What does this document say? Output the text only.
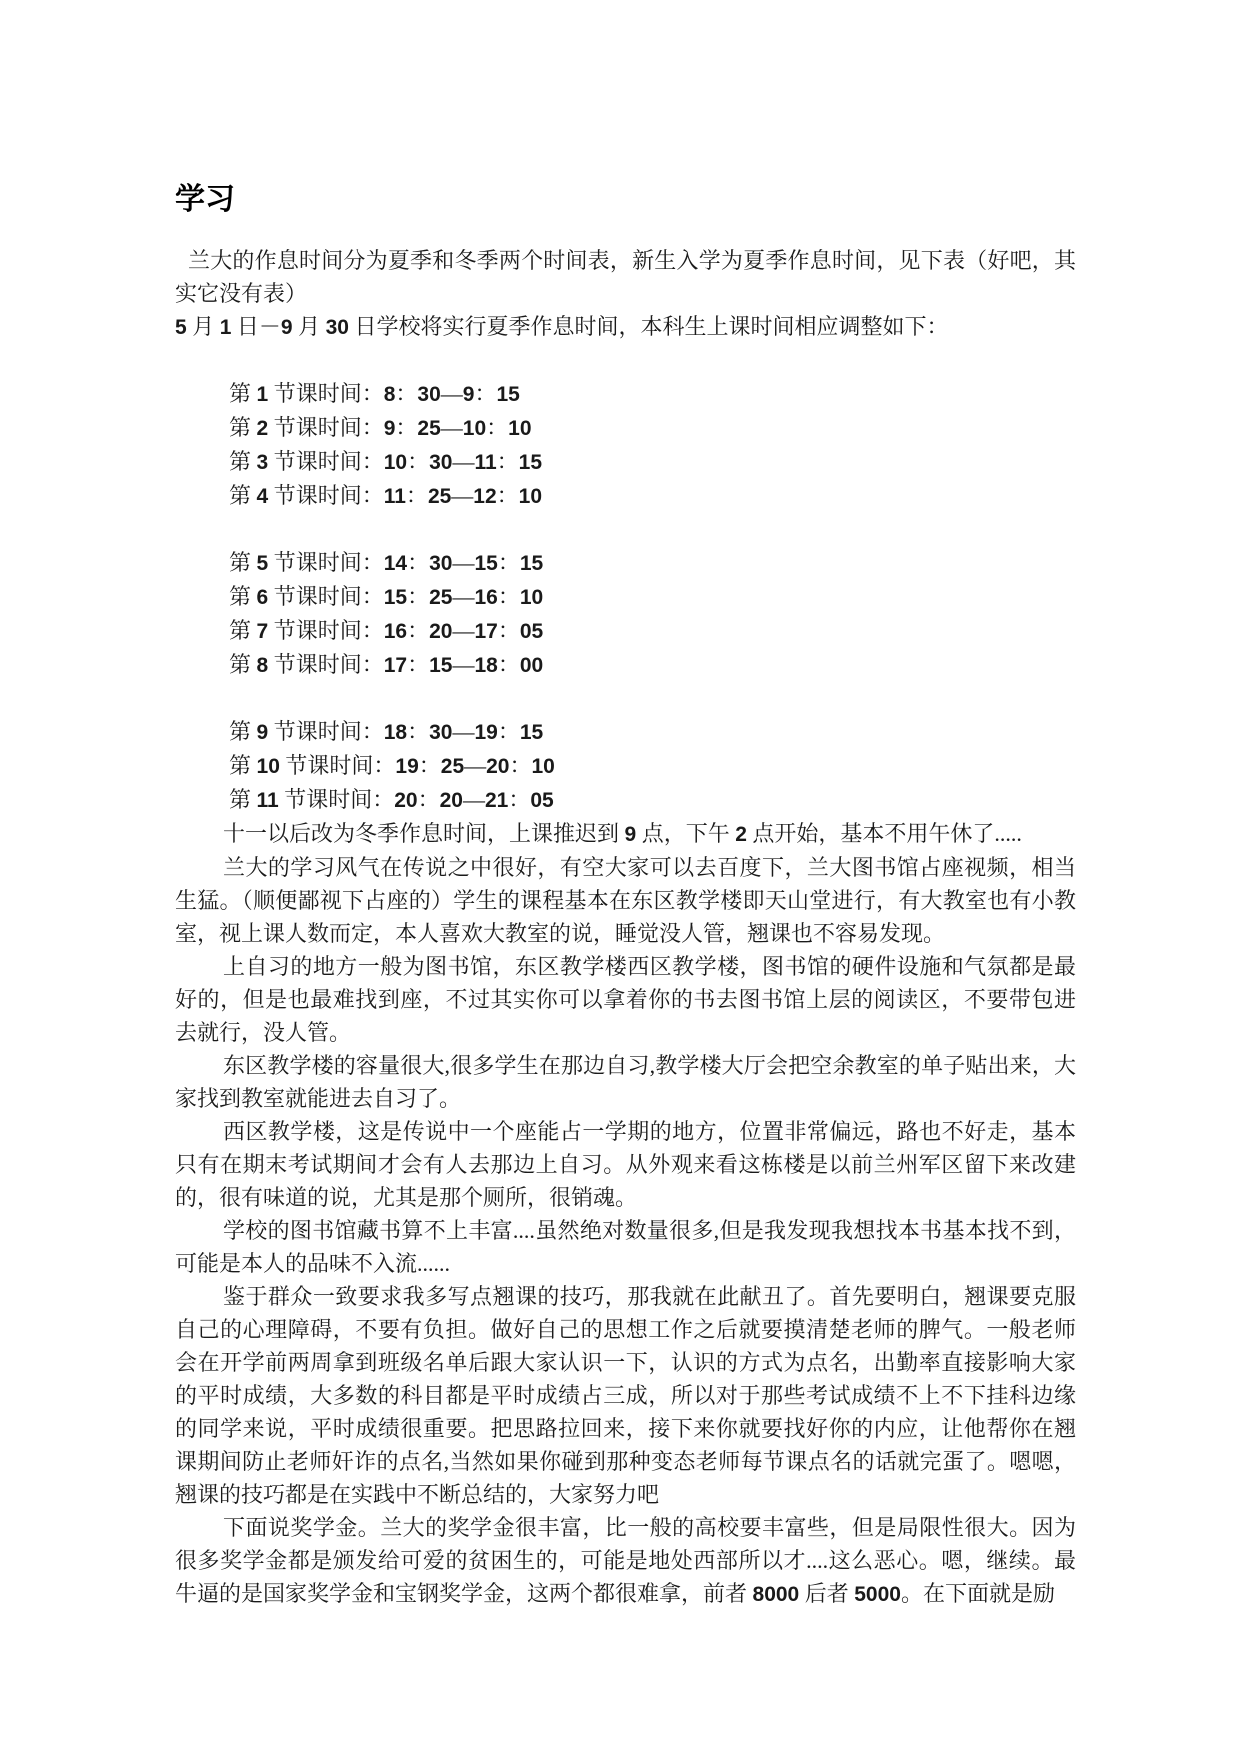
学习

兰大的作息时间分为夏季和冬季两个时间表，新生入学为夏季作息时间，见下表（好吧，其实它没有表）

5 月 1 日－9 月 30 日学校将实行夏季作息时间，本科生上课时间相应调整如下：

第 1 节课时间：8：30—9：15

第 2 节课时间：9：25—10：10

第 3 节课时间：10：30—11：15

第 4 节课时间：11：25—12：10

第 5 节课时间：14：30—15：15

第 6 节课时间：15：25—16：10

第 7 节课时间：16：20—17：05

第 8 节课时间：17：15—18：00

第 9 节课时间：18：30—19：15

第 10 节课时间：19：25—20：10

第 11 节课时间：20：20—21：05

十一以后改为冬季作息时间，上课推迟到 9 点，下午 2 点开始，基本不用午休了.....

兰大的学习风气在传说之中很好，有空大家可以去百度下，兰大图书馆占座视频，相当生猛。（顺便鄙视下占座的）学生的课程基本在东区教学楼即天山堂进行，有大教室也有小教室，视上课人数而定，本人喜欢大教室的说，睡觉没人管，翘课也不容易发现。

上自习的地方一般为图书馆，东区教学楼西区教学楼，图书馆的硬件设施和气氛都是最好的，但是也最难找到座，不过其实你可以拿着你的书去图书馆上层的阅读区，不要带包进去就行，没人管。

东区教学楼的容量很大,很多学生在那边自习,教学楼大厅会把空余教室的单子贴出来，大家找到教室就能进去自习了。

西区教学楼，这是传说中一个座能占一学期的地方，位置非常偏远，路也不好走，基本只有在期末考试期间才会有人去那边上自习。从外观来看这栋楼是以前兰州军区留下来改建的，很有味道的说，尤其是那个厕所，很销魂。

学校的图书馆藏书算不上丰富....虽然绝对数量很多,但是我发现我想找本书基本找不到，可能是本人的品味不入流......

鉴于群众一致要求我多写点翘课的技巧，那我就在此献丑了。首先要明白，翘课要克服自己的心理障碍，不要有负担。做好自己的思想工作之后就要摸清楚老师的脾气。一般老师会在开学前两周拿到班级名单后跟大家认识一下，认识的方式为点名，出勤率直接影响大家的平时成绩，大多数的科目都是平时成绩占三成，所以对于那些考试成绩不上不下挂科边缘的同学来说，平时成绩很重要。把思路拉回来，接下来你就要找好你的内应，让他帮你在翘课期间防止老师奸诈的点名,当然如果你碰到那种变态老师每节课点名的话就完蛋了。嗯嗯，翘课的技巧都是在实践中不断总结的，大家努力吧

下面说奖学金。兰大的奖学金很丰富，比一般的高校要丰富些，但是局限性很大。因为很多奖学金都是颁发给可爱的贫困生的，可能是地处西部所以才....这么恶心。嗯，继续。最牛逼的是国家奖学金和宝钢奖学金，这两个都很难拿，前者 8000 后者 5000。在下面就是励
